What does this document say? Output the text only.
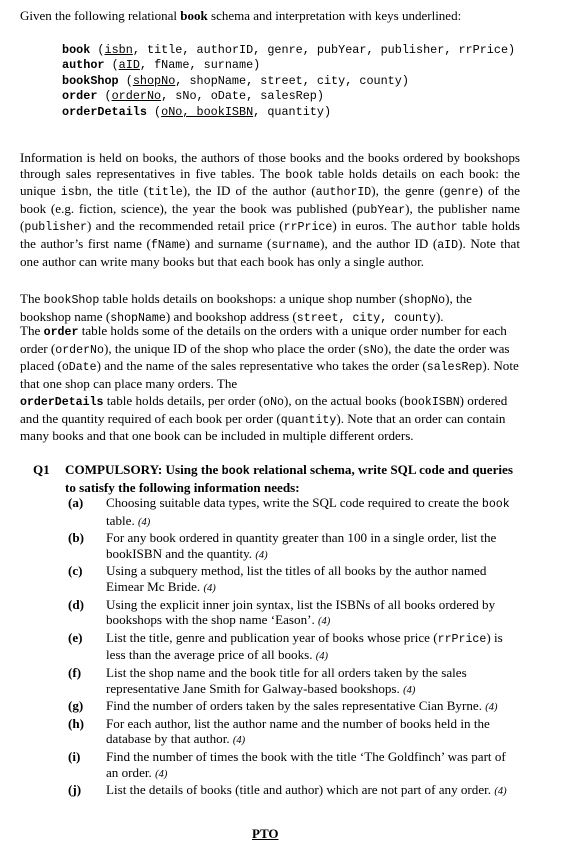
Given the following relational book schema and interpretation with keys underlined:
book (isbn, title, authorID, genre, pubYear, publisher, rrPrice)
author (aID, fName, surname)
bookShop (shopNo, shopName, street, city, county)
order (orderNo, sNo, oDate, salesRep)
orderDetails (oNo, bookISBN, quantity)
Information is held on books, the authors of those books and the books ordered by bookshops through sales representatives in five tables. The book table holds details on each book: the unique isbn, the title (title), the ID of the author (authorID), the genre (genre) of the book (e.g. fiction, science), the year the book was published (pubYear), the publisher name (publisher) and the recommended retail price (rrPrice) in euros. The author table holds the author’s first name (fName) and surname (surname), and the author ID (aID). Note that one author can write many books but that each book has only a single author.
The bookShop table holds details on bookshops: a unique shop number (shopNo), the bookshop name (shopName) and bookshop address (street, city, county).
The order table holds some of the details on the orders with a unique order number for each order (orderNo), the unique ID of the shop who place the order (sNo), the date the order was placed (oDate) and the name of the sales representative who takes the order (salesRep). Note that one shop can place many orders. The
orderDetails table holds details, per order (oNo), on the actual books (bookISBN) ordered and the quantity required of each book per order (quantity). Note that an order can contain many books and that one book can be included in multiple different orders.
Q1 COMPULSORY: Using the book relational schema, write SQL code and queries to satisfy the following information needs:
(a) Choosing suitable data types, write the SQL code required to create the book table. (4)
(b) For any book ordered in quantity greater than 100 in a single order, list the bookISBN and the quantity. (4)
(c) Using a subquery method, list the titles of all books by the author named Eimear Mc Bride. (4)
(d) Using the explicit inner join syntax, list the ISBNs of all books ordered by bookshops with the shop name ‘Eason’. (4)
(e) List the title, genre and publication year of books whose price (rrPrice) is less than the average price of all books. (4)
(f) List the shop name and the book title for all orders taken by the sales representative Jane Smith for Galway-based bookshops. (4)
(g) Find the number of orders taken by the sales representative Cian Byrne. (4)
(h) For each author, list the author name and the number of books held in the database by that author. (4)
(i) Find the number of times the book with the title ‘The Goldfinch’ was part of an order. (4)
(j) List the details of books (title and author) which are not part of any order. (4)
PTO
